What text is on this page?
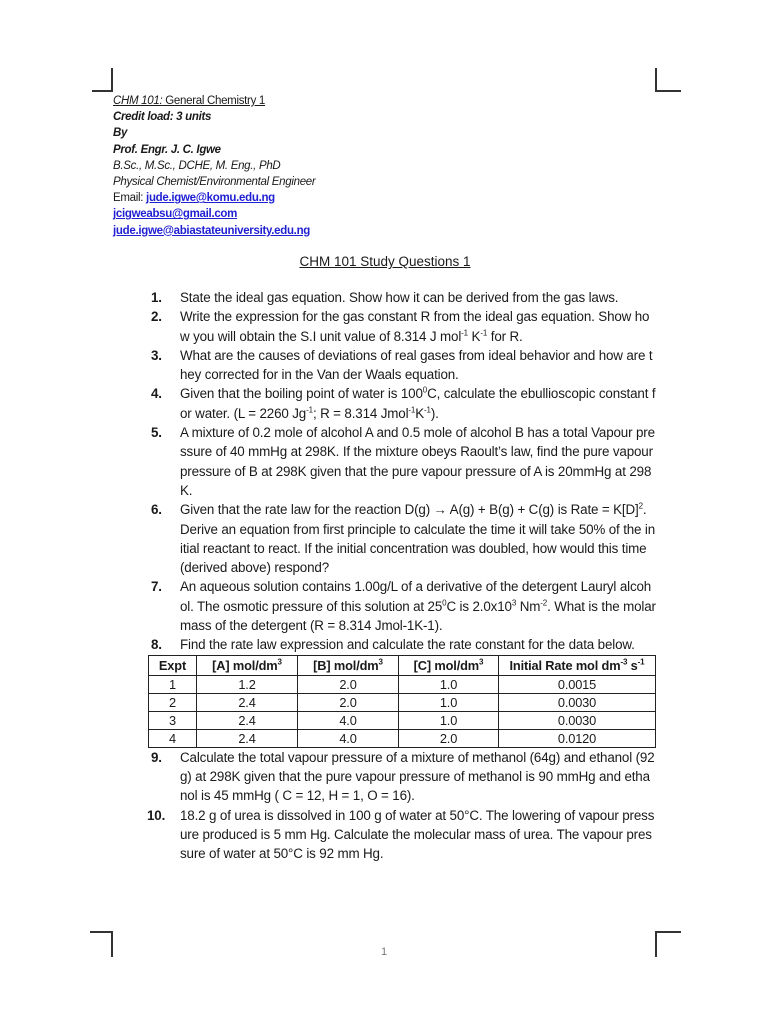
CHM 101: General Chemistry 1
Credit load: 3 units
By
Prof. Engr. J. C. Igwe
B.Sc., M.Sc., DCHE, M. Eng., PhD
Physical Chemist/Environmental Engineer
Email: jude.igwe@komu.edu.ng
jcigweabsu@gmail.com
jude.igwe@abiastateuniversity.edu.ng
CHM 101 Study Questions 1
1.	State the ideal gas equation. Show how it can be derived from the gas laws.
2.	Write the expression for the gas constant R from the ideal gas equation. Show how you will obtain the S.I unit value of 8.314 J mol$^{-1}$ $K^{-1}$ for R.
3.	What are the causes of deviations of real gases from ideal behavior and how are they corrected for in the Van der Waals equation.
4.	Given that the boiling point of water is $100^0C$, calculate the ebullioscopic constant for water. (L = 2260 $Jg^{-1}$; R = 8.314 $Jmol^{-1}K^{-1}$).
5.	A mixture of 0.2 mole of alcohol A and 0.5 mole of alcohol B has a total Vapour pressure of 40 mmHg at 298K. If the mixture obeys Raoult’s law, find the pure vapour pressure of B at 298K given that the pure vapour pressure of A is 20mmHg at 298K.
6.	Given that the rate law for the reaction D(g) → A(g) + B(g) + C(g) is Rate = $K[D]^2$. Derive an equation from first principle to calculate the time it will take 50% of the initial reactant to react. If the initial concentration was doubled, how would this time (derived above) respond?
7.	An aqueous solution contains 1.00g/L of a derivative of the detergent Lauryl alcohol. The osmotic pressure of this solution at $25^0C$ is $2.0x10^3$ $Nm^{-2}$. What is the molar mass of the detergent (R = 8.314 Jmol-1K-1).
8.	Find the rate law expression and calculate the rate constant for the data below.
Expt	[A] mol/$dm^3$	[B] mol/$dm^3$	[C] mol/$dm^3$	Initial Rate mol $dm^{-3}$ $s^{-1}$
1	1.2	2.0	1.0	0.0015
2	2.4	2.0	1.0	0.0030
3	2.4	4.0	1.0	0.0030
4	2.4	4.0	2.0	0.0120
9.	Calculate the total vapour pressure of a mixture of methanol (64g) and ethanol (92g) at 298K given that the pure vapour pressure of methanol is 90 mmHg and ethanol is 45 mmHg ( C = 12, H = 1, O = 16).
10.	18.2 g of urea is dissolved in 100 g of water at 50°C. The lowering of vapour pressure produced is 5 mm Hg. Calculate the molecular mass of urea. The vapour pressure of water at 50°C is 92 mm Hg.
1
